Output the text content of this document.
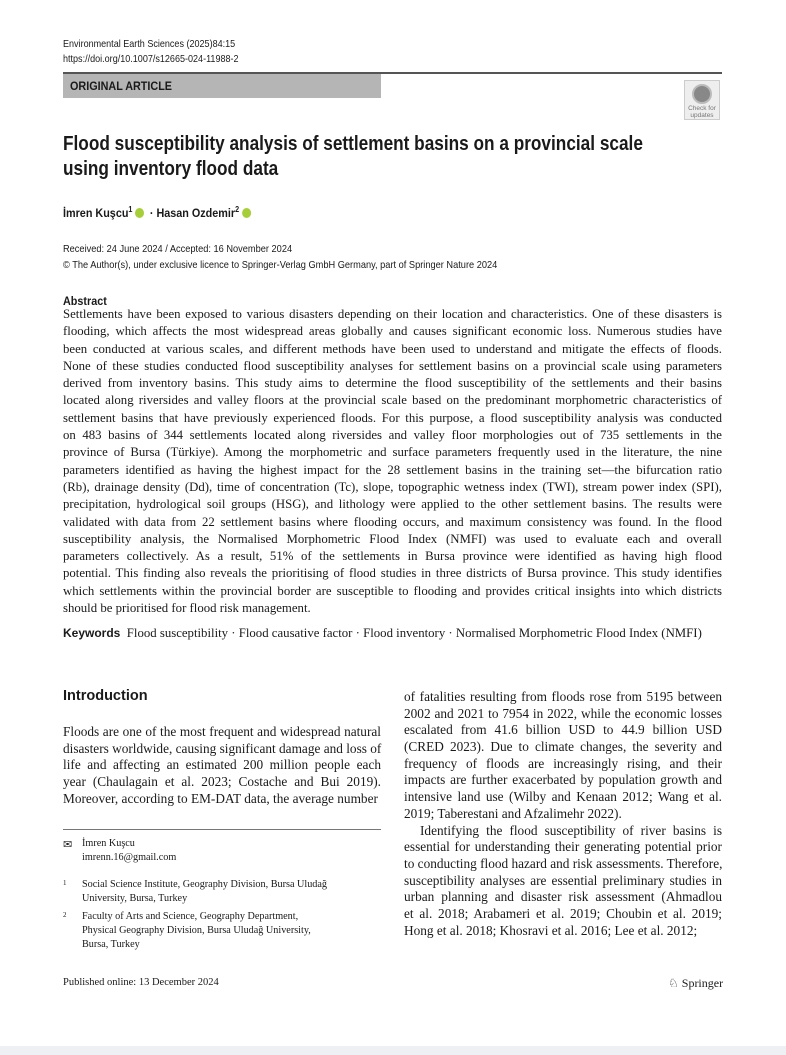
Environmental Earth Sciences (2025)84:15
https://doi.org/10.1007/s12665-024-11988-2
ORIGINAL ARTICLE
Check for
updates
Flood susceptibility analysis of settlement basins on a provincial scale
using inventory flood data
İmren Kuşcu$^1$ · Hasan Ozdemir$^2$
Received: 24 June 2024 / Accepted: 16 November 2024
© The Author(s), under exclusive licence to Springer-Verlag GmbH Germany, part of Springer Nature 2024
Abstract
Settlements have been exposed to various disasters depending on their location and characteristics. One of these disasters is
flooding, which affects the most widespread areas globally and causes significant economic loss. Numerous studies have
been conducted at various scales, and different methods have been used to understand and mitigate the effects of floods.
None of these studies conducted flood susceptibility analyses for settlement basins on a provincial scale using parameters
derived from inventory basins. This study aims to determine the flood susceptibility of the settlements and their basins
located along riversides and valley floors at the provincial scale based on the predominant morphometric characteristics of
settlement basins that have previously experienced floods. For this purpose, a flood susceptibility analysis was conducted
on 483 basins of 344 settlements located along riversides and valley floor morphologies out of 735 settlements in the
province of Bursa (Türkiye). Among the morphometric and surface parameters frequently used in the literature, the nine
parameters identified as having the highest impact for the 28 settlement basins in the training set—the bifurcation ratio
(Rb), drainage density (Dd), time of concentration (Tc), slope, topographic wetness index (TWI), stream power index (SPI),
precipitation, hydrological soil groups (HSG), and lithology were applied to the other settlement basins. The results were
validated with data from 22 settlement basins where flooding occurs, and maximum consistency was found. In the flood
susceptibility analysis, the Normalised Morphometric Flood Index (NMFI) was used to evaluate each and overall
parameters collectively. As a result, 51% of the settlements in Bursa province were identified as having high flood
potential. This finding also reveals the prioritising of flood studies in three districts of Bursa province. This study identifies
which settlements within the provincial border are susceptible to flooding and provides critical insights into which districts
should be prioritised for flood risk management.
Keywords Flood susceptibility · Flood causative factor · Flood inventory · Normalised Morphometric Flood Index (NMFI)
Introduction
Floods are one of the most frequent and widespread natural
disasters worldwide, causing significant damage and loss of
life and affecting an estimated 200 million people each
year (Chaulagain et al. 2023; Costache and Bui 2019).
Moreover, according to EM-DAT data, the average number
of fatalities resulting from floods rose from 5195 between
2002 and 2021 to 7954 in 2022, while the economic losses
escalated from 41.6 billion USD to 44.9 billion USD
(CRED 2023). Due to climate changes, the severity and
frequency of floods are increasingly rising, and their
impacts are further exacerbated by population growth and
intensive land use (Wilby and Kenaan 2012; Wang et al.
2019; Taberestani and Afzalimehr 2022).
Identifying the flood susceptibility of river basins is
essential for understanding their generating potential prior
to conducting flood hazard and risk assessments. Therefore,
susceptibility analyses are essential preliminary studies in
urban planning and disaster risk assessment (Ahmadlou
et al. 2018; Arabameri et al. 2019; Choubin et al. 2019;
Hong et al. 2018; Khosravi et al. 2016; Lee et al. 2012;
✉ İmren Kuşcu
imrenn.16@gmail.com
1 Social Science Institute, Geography Division, Bursa Uludağ
University, Bursa, Turkey
2 Faculty of Arts and Science, Geography Department,
Physical Geography Division, Bursa Uludağ University,
Bursa, Turkey
Published online: 13 December 2024	♘ Springer
